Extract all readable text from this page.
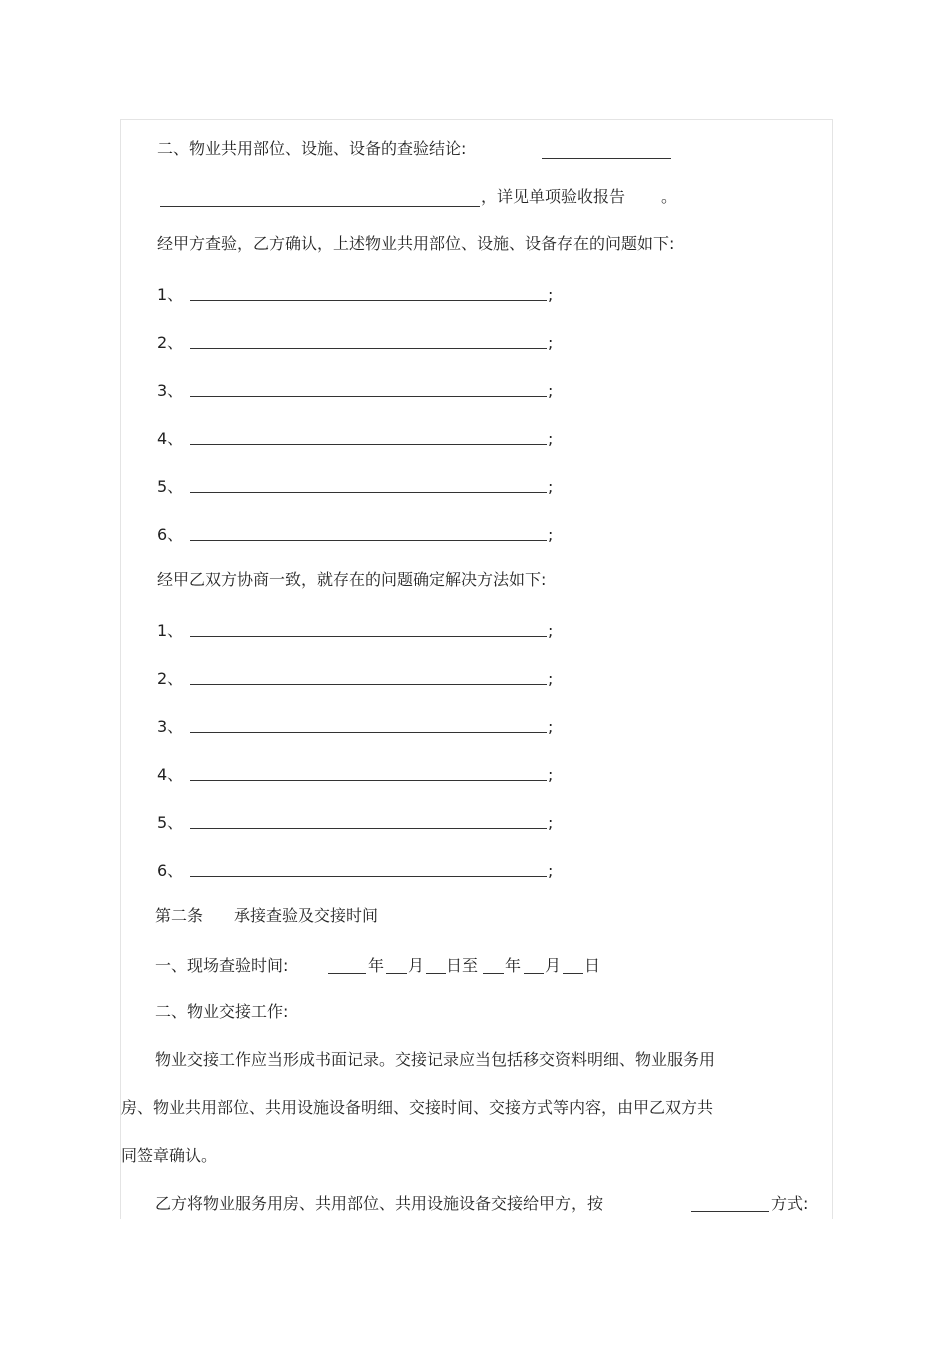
二、物业共用部位、设施、设备的查验结论:
，详见单项验收报告 。
经甲方查验，乙方确认，上述物业共用部位、设施、设备存在的问题如下:
1、	;
2、	;
3、	;
4、	;
5、	;
6、	;
经甲乙双方协商一致，就存在的问题确定解决方法如下:
1、	;
2、	;
3、	;
4、	;
5、	;
6、	;
第二条 承接查验及交接时间
一、现场查验时间:	年 月 日至 年 月 日
二、物业交接工作:
物业交接工作应当形成书面记录。交接记录应当包括移交资料明细、物业服务用
房、物业共用部位、共用设施设备明细、交接时间、交接方式等内容，由甲乙双方共
同签章确认。
乙方将物业服务用房、共用部位、共用设施设备交接给甲方，按	方式:
